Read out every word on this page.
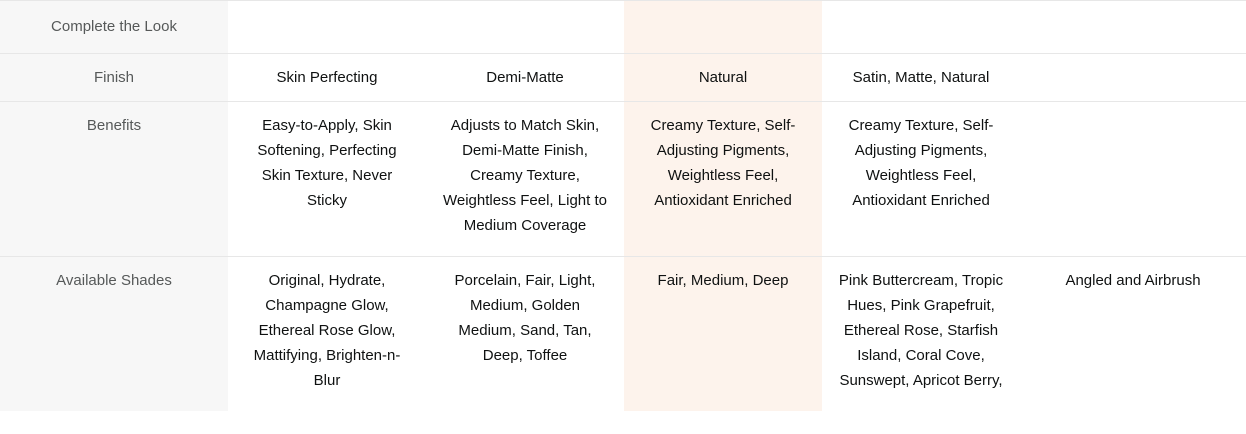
Complete the Look					
Finish	Skin Perfecting	Demi-Matte	Natural	Satin, Matte, Natural	
Benefits	Easy-to-Apply, Skin Softening, Perfecting Skin Texture, Never Sticky	Adjusts to Match Skin, Demi-Matte Finish, Creamy Texture, Weightless Feel, Light to Medium Coverage	Creamy Texture, Self-Adjusting Pigments, Weightless Feel, Antioxidant Enriched	Creamy Texture, Self-Adjusting Pigments, Weightless Feel, Antioxidant Enriched	
Available Shades	Original, Hydrate, Champagne Glow, Ethereal Rose Glow, Mattifying, Brighten-n-Blur	Porcelain, Fair, Light, Medium, Golden Medium, Sand, Tan, Deep, Toffee	Fair, Medium, Deep	Pink Buttercream, Tropic Hues, Pink Grapefruit, Ethereal Rose, Starfish Island, Coral Cove, Sunswept, Apricot Berry,	Angled and Airbrush
